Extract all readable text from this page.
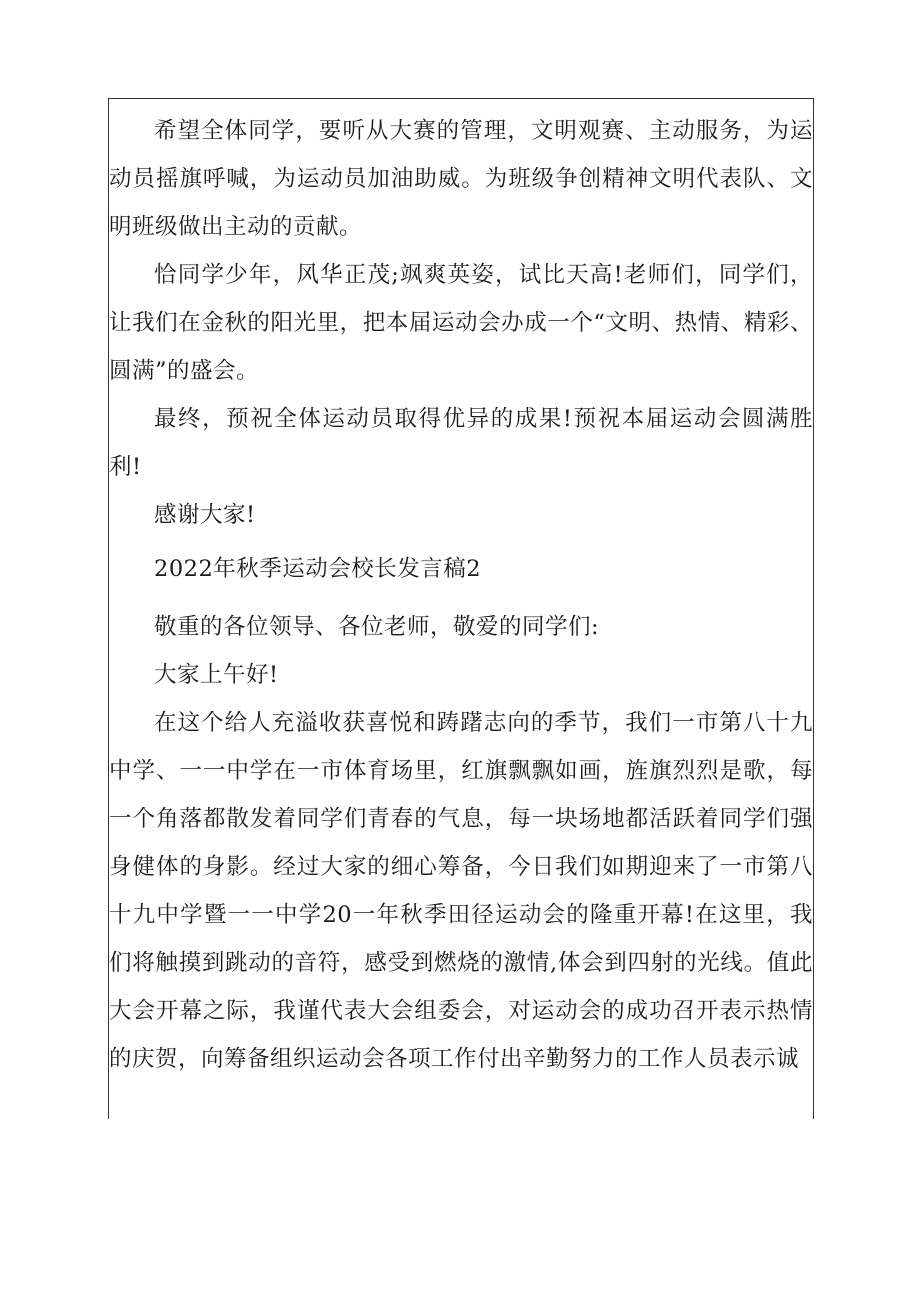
希望全体同学，要听从大赛的管理，文明观赛、主动服务，为运动员摇旗呼喊，为运动员加油助威。为班级争创精神文明代表队、文明班级做出主动的贡献。

恰同学少年，风华正茂;飒爽英姿，试比天高!老师们，同学们，让我们在金秋的阳光里，把本届运动会办成一个“文明、热情、精彩、圆满”的盛会。

最终，预祝全体运动员取得优异的成果!预祝本届运动会圆满胜利!

感谢大家!

2022年秋季运动会校长发言稿2

敬重的各位领导、各位老师，敬爱的同学们:

大家上午好!

在这个给人充溢收获喜悦和踌躇志向的季节，我们一市第八十九中学、一一中学在一市体育场里，红旗飘飘如画，旌旗烈烈是歌，每一个角落都散发着同学们青春的气息，每一块场地都活跃着同学们强身健体的身影。经过大家的细心筹备，今日我们如期迎来了一市第八十九中学暨一一中学20一年秋季田径运动会的隆重开幕!在这里，我们将触摸到跳动的音符，感受到燃烧的激情,体会到四射的光线。值此大会开幕之际，我谨代表大会组委会，对运动会的成功召开表示热情的庆贺，向筹备组织运动会各项工作付出辛勤努力的工作人员表示诚
